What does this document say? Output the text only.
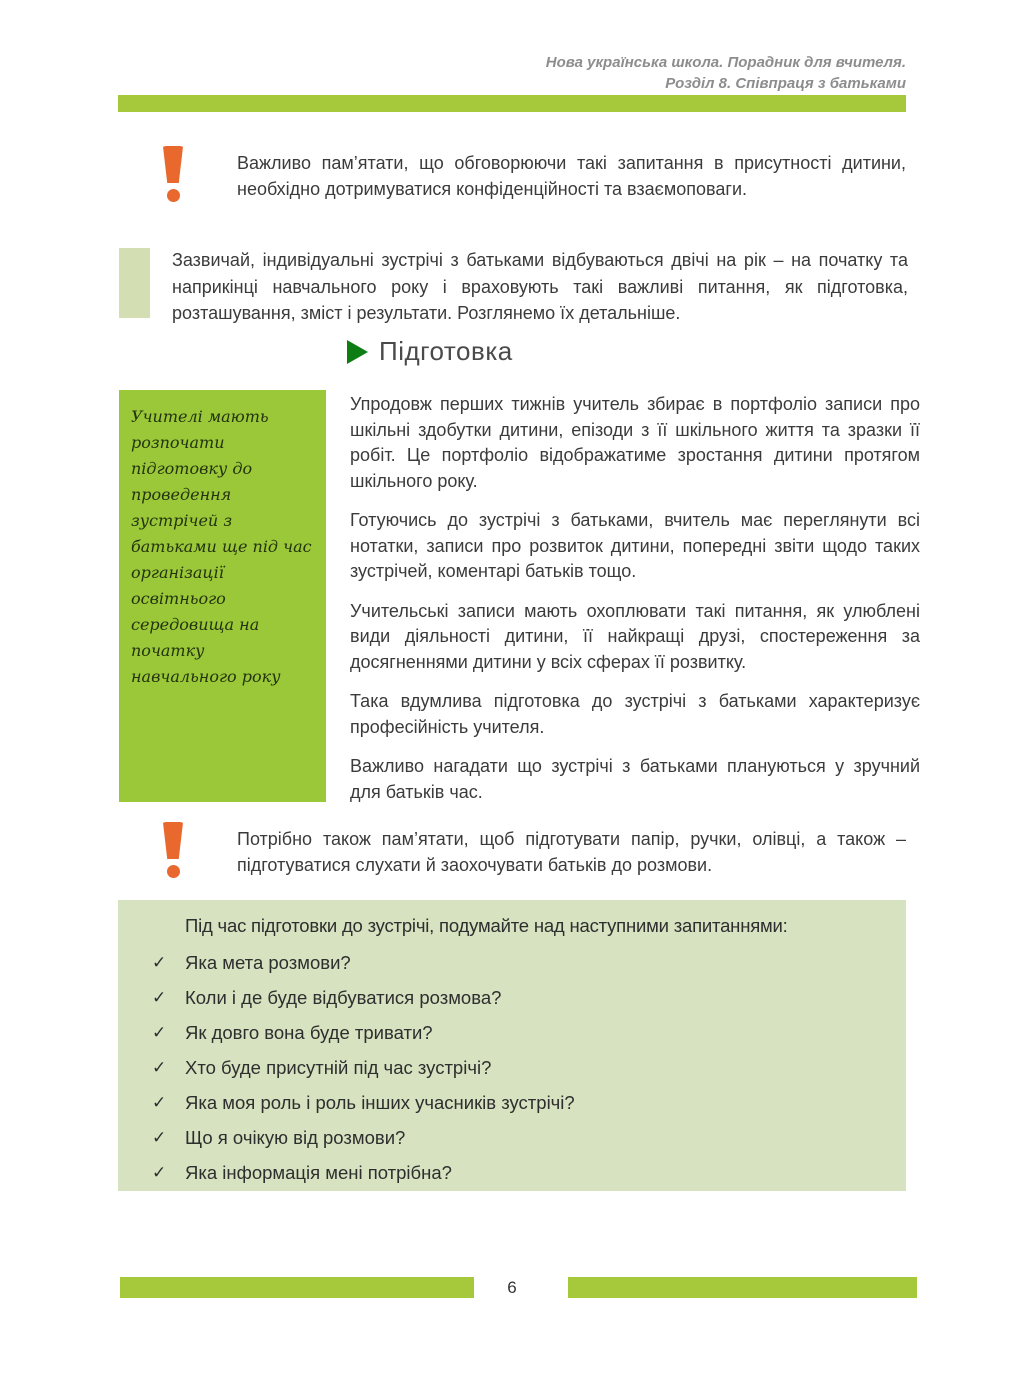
Нова українська школа. Порадник для вчителя.
Розділ 8. Співпраця з батьками
Важливо пам’ятати, що обговорюючи такі запитання в присутності дитини, необхідно дотримуватися конфіденційності та взаємоповаги.
Зазвичай, індивідуальні зустрічі з батьками відбуваються двічі на рік – на початку та наприкінці навчального року і враховують такі важливі питання, як підготовка, розташування, зміст і результати. Розглянемо їх детальніше.
Підготовка
Учителі мають розпочати підготовку до проведення зустрічей з батьками ще під час організації освітнього середовища на початку навчального року

Упродовж перших тижнів учитель збирає в портфоліо записи про шкільні здобутки дитини, епізоди з її шкільного життя та зразки її робіт. Це портфоліо відображатиме зростання дитини протягом шкільного року.

Готуючись до зустрічі з батьками, вчитель має переглянути всі нотатки, записи про розвиток дитини, попередні звіти щодо таких зустрічей, коментарі батьків тощо.

Учительські записи мають охоплювати такі питання, як улюблені види діяльності дитини, її найкращі друзі, спостереження за досягненнями дитини у всіх сферах її розвитку.

Така вдумлива підготовка до зустрічі з батьками характеризує професійність учителя.

Важливо нагадати що зустрічі з батьками плануються у зручний для батьків час.

Потрібно також пам’ятати, щоб підготувати папір, ручки, олівці, а також – підготуватися слухати й заохочувати батьків до розмови.

Під час підготовки до зустрічі, подумайте над наступними запитаннями:

✓	Яка мета розмови?
✓	Коли і де буде відбуватися розмова?
✓	Як довго вона буде тривати?
✓	Хто буде присутній під час зустрічі?
✓	Яка моя роль і роль інших учасників зустрічі?
✓	Що я очікую від розмови?
✓	Яка інформація мені потрібна?
6
